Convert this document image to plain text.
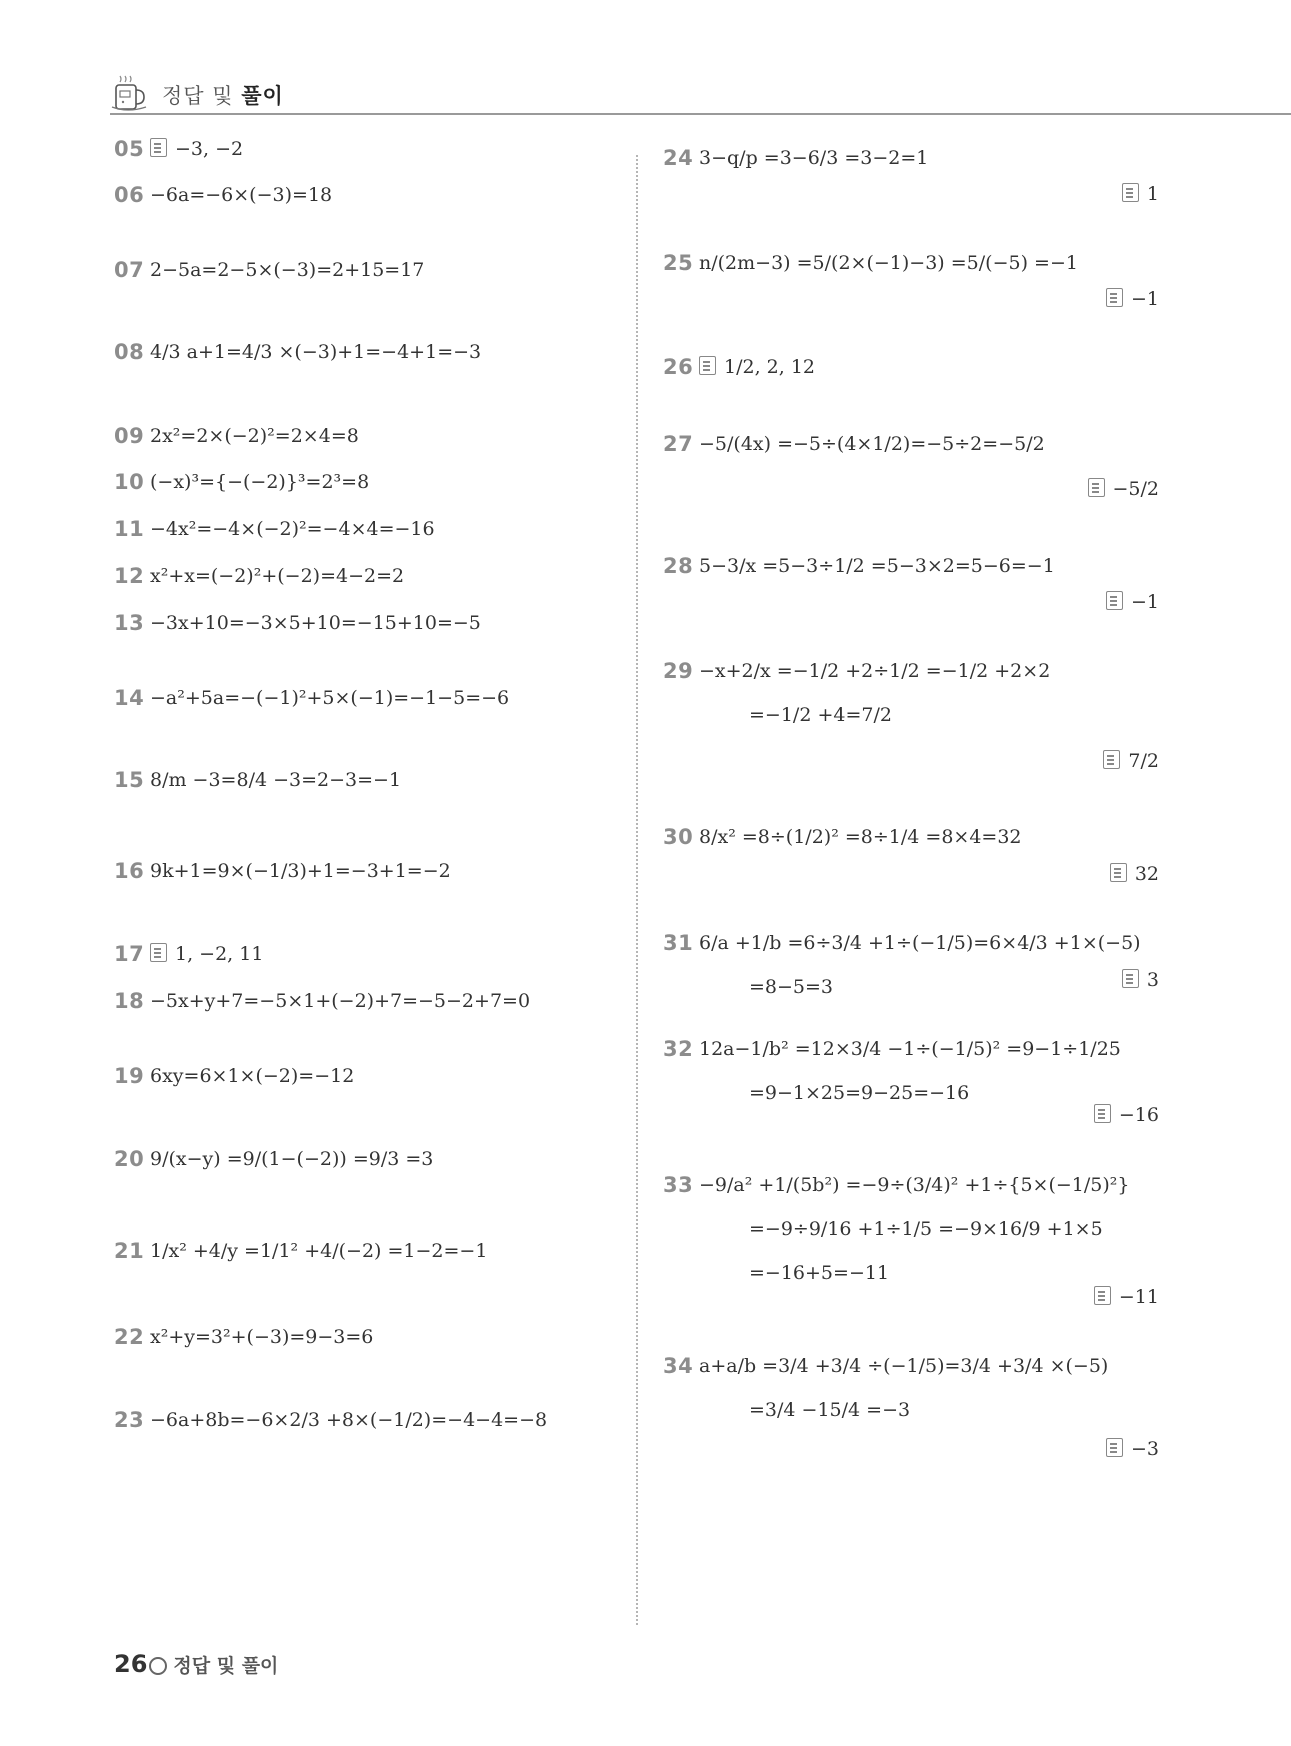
정답 및 풀이
05	−3, −2
06 −6a=−6×(−3)=18
07 2−5a=2−5×(−3)=2+15=17
08 4/3 a+1=4/3 ×(−3)+1=−4+1=−3
09 2x²=2×(−2)²=2×4=8
10 (−x)³={−(−2)}³=2³=8
11 −4x²=−4×(−2)²=−4×4=−16
12 x²+x=(−2)²+(−2)=4−2=2
13 −3x+10=−3×5+10=−15+10=−5
14 −a²+5a=−(−1)²+5×(−1)=−1−5=−6
15 8/m −3=8/4 −3=2−3=−1
16 9k+1=9×(−1/3)+1=−3+1=−2
17	1, −2, 11
18 −5x+y+7=−5×1+(−2)+7=−5−2+7=0
19 6xy=6×1×(−2)=−12
20 9/(x−y) =9/(1−(−2)) =9/3 =3
21 1/x² +4/y =1/1² +4/(−2) =1−2=−1
22 x²+y=3²+(−3)=9−3=6
23 −6a+8b=−6×2/3 +8×(−1/2)=−4−4=−8
24 3−q/p =3−6/3 =3−2=1
1
25 n/(2m−3) =5/(2×(−1)−3) =5/(−5) =−1
−1
26	1/2, 2, 12
27 −5/(4x) =−5÷(4×1/2)=−5÷2=−5/2
−5/2
28 5−3/x =5−3÷1/2 =5−3×2=5−6=−1
−1
29 −x+2/x =−1/2 +2÷1/2 =−1/2 +2×2
=−1/2 +4=7/2
7/2
30 8/x² =8÷(1/2)² =8÷1/4 =8×4=32
32
31 6/a +1/b =6÷3/4 +1÷(−1/5)=6×4/3 +1×(−5)
=8−5=3	3
32 12a−1/b² =12×3/4 −1÷(−1/5)² =9−1÷1/25
=9−1×25=9−25=−16
−16
33 −9/a² +1/(5b²) =−9÷(3/4)² +1÷{5×(−1/5)²}
=−9÷9/16 +1÷1/5 =−9×16/9 +1×5
=−16+5=−11
−11
34 a+a/b =3/4 +3/4 ÷(−1/5)=3/4 +3/4 ×(−5)
=3/4 −15/4 =−3
−3
26 정답 및 풀이
